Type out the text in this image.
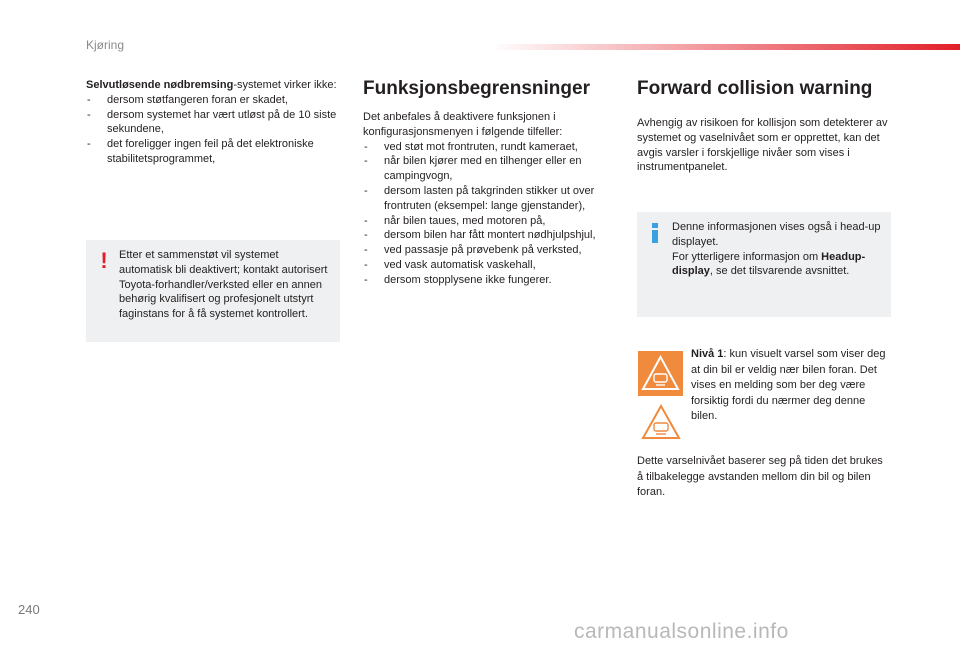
Kjøring

Selvutløsende nødbremsing-systemet virker ikke:

- dersom støtfangeren foran er skadet,
- dersom systemet har vært utløst på de 10 siste sekundene,
- det foreligger ingen feil på det elektroniske stabilitetsprogrammet,
!	Etter et sammenstøt vil systemet automatisk bli deaktivert; kontakt autorisert Toyota-forhandler/verksted eller en annen behørig kvalifisert og profesjonelt utstyrt faginstans for å få systemet kontrollert.
Funksjonsbegrensninger

Det anbefales å deaktivere funksjonen i konfigurasjonsmenyen i følgende tilfeller:

- ved støt mot frontruten, rundt kameraet,
- når bilen kjører med en tilhenger eller en campingvogn,
- dersom lasten på takgrinden stikker ut over frontruten (eksempel: lange gjenstander),
- når bilen taues, med motoren på,
- dersom bilen har fått montert nødhjulpshjul,
- ved passasje på prøvebenk på verksted,
- ved vask automatisk vaskehall,
- dersom stopplysene ikke fungerer.
Forward collision warning

Avhengig av risikoen for kollisjon som detekterer av systemet og vaselnivået som er opprettet, kan det avgis varsler i forskjellige nivåer som vises i instrumentpanelet.

Denne informasjonen vises også i head-up displayet.
For ytterligere informasjon om Headup-display, se det tilsvarende avsnittet.
Nivå 1: kun visuelt varsel som viser deg at din bil er veldig nær bilen foran. Det vises en melding som ber deg være forsiktig fordi du nærmer deg denne bilen.
Dette varselnivået baserer seg på tiden det brukes å tilbakelegge avstanden mellom din bil og bilen foran.
240
carmanualsonline.info
